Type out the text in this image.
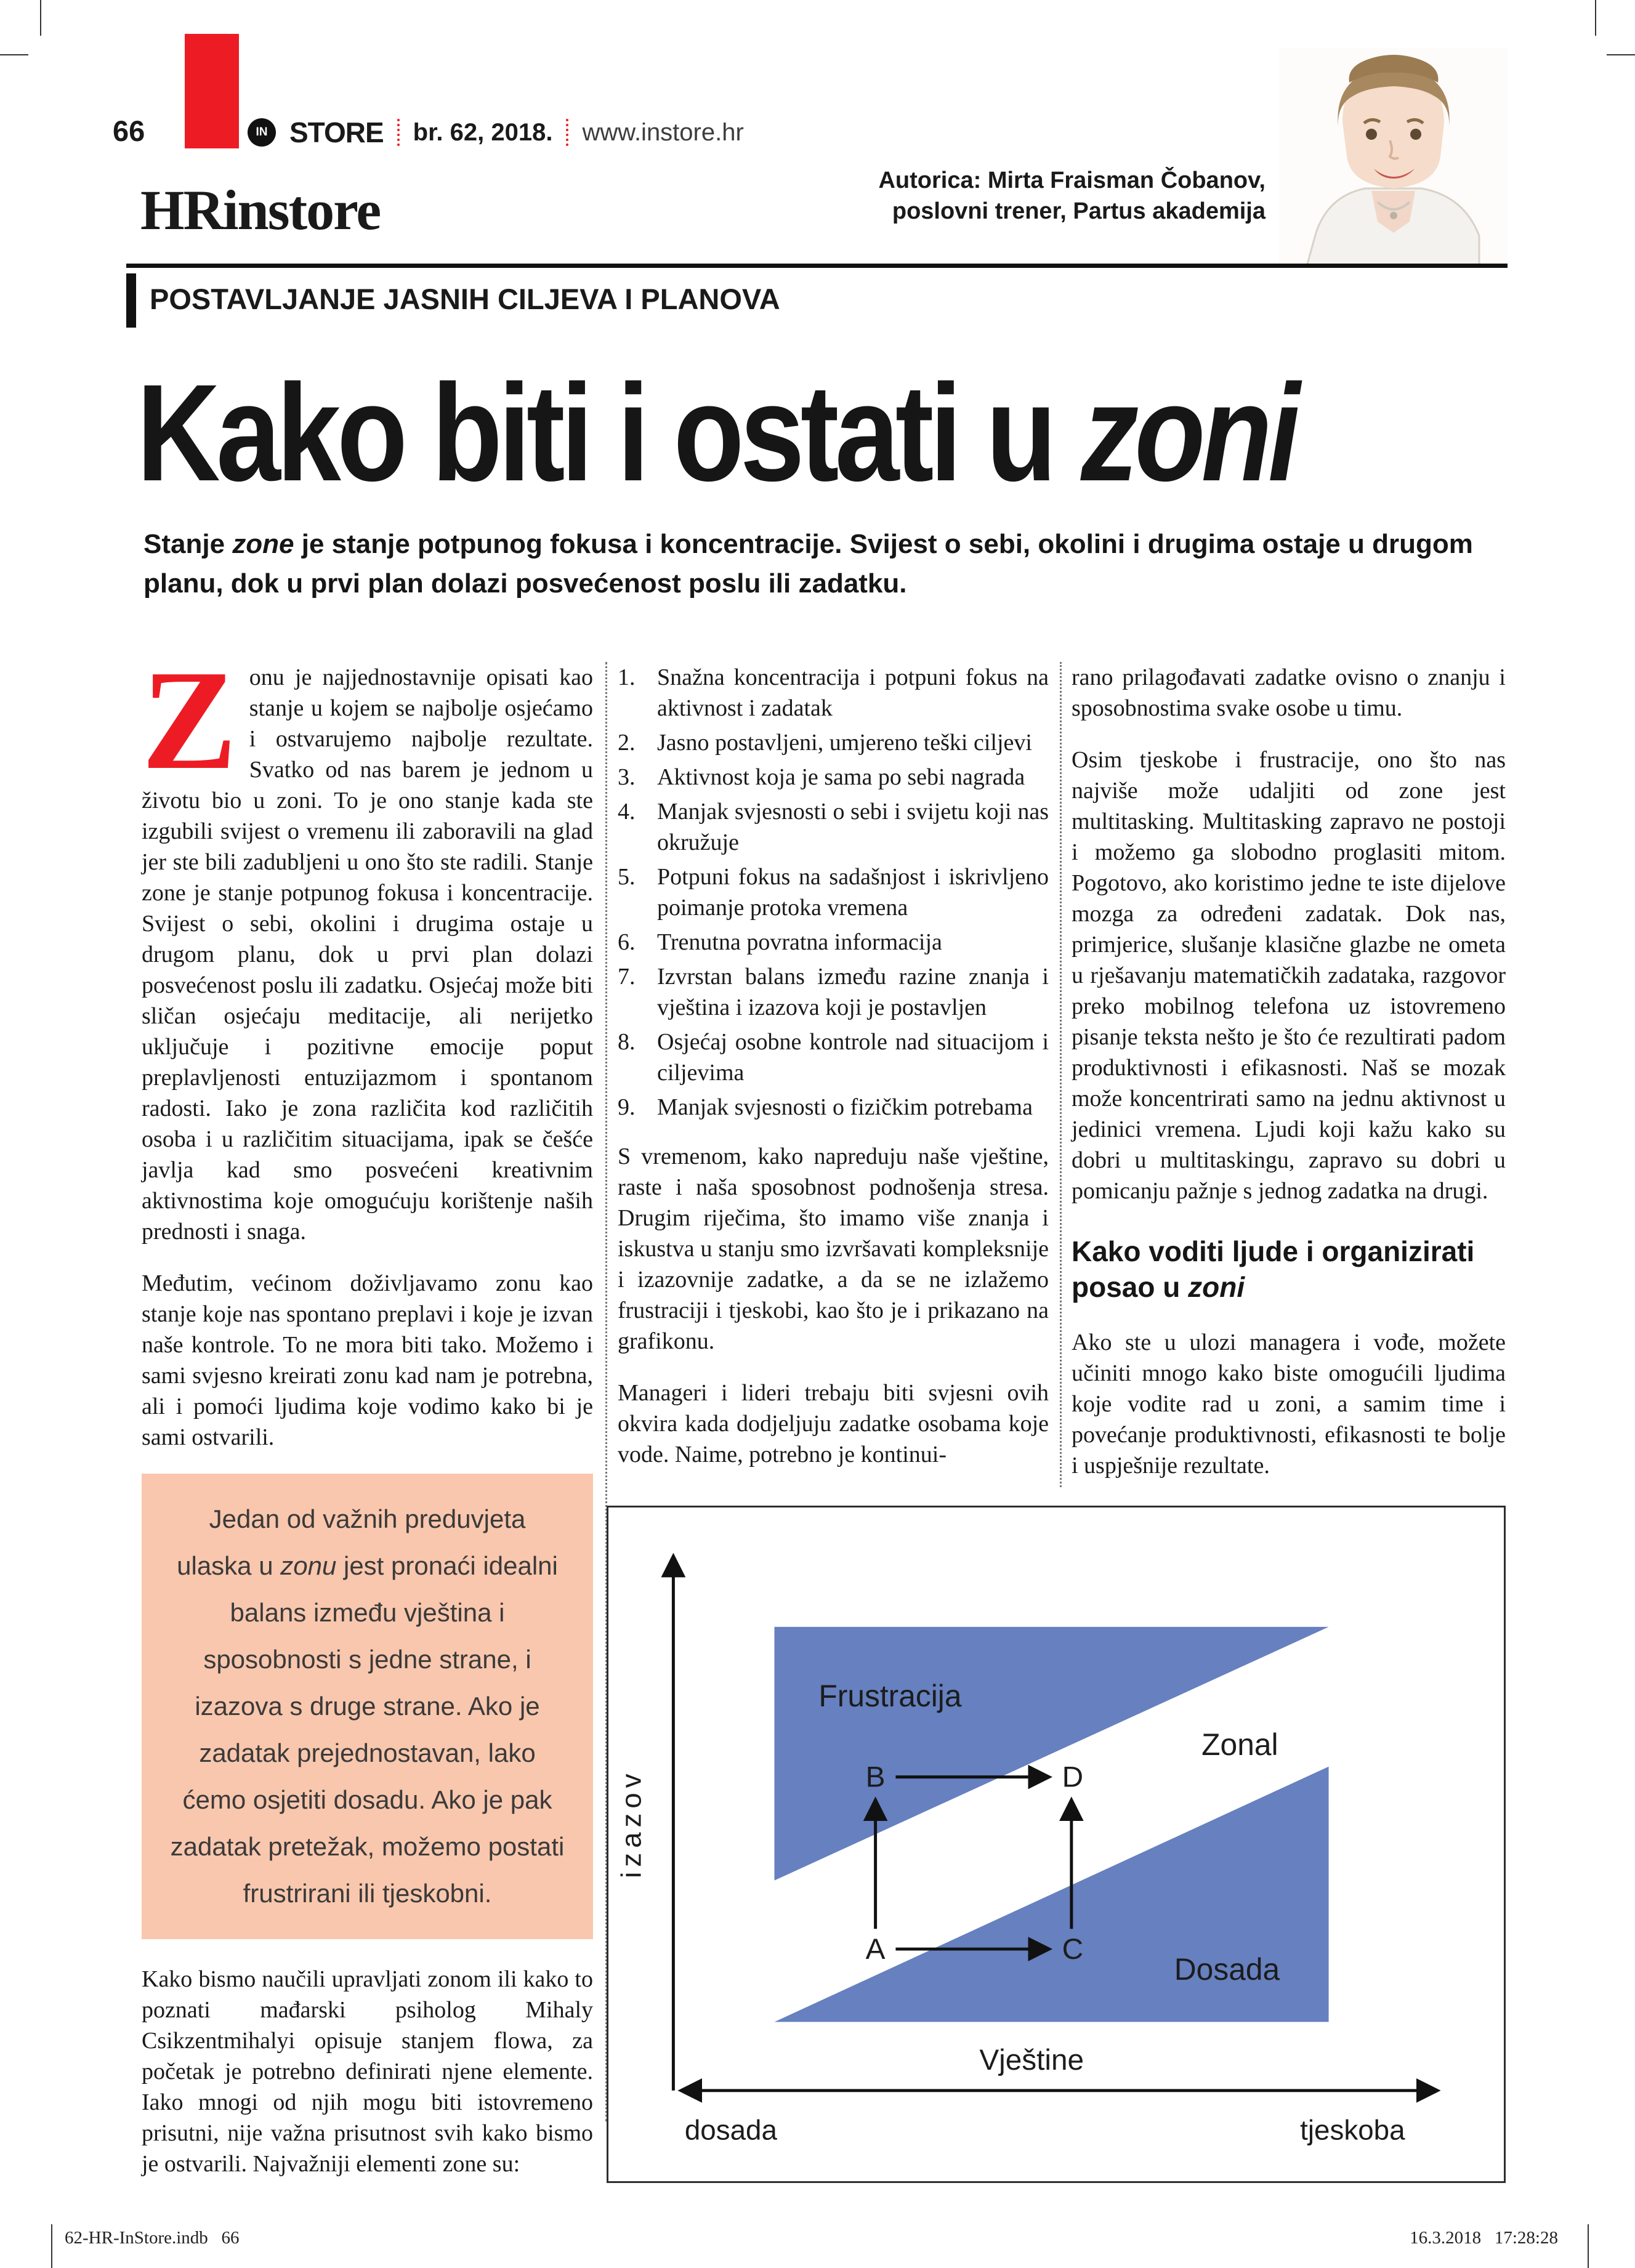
66	IN STORE br. 62, 2018. www.instore.hr
HRinstore	Autorica: Mirta Fraisman Čobanov,
poslovni trener, Partus akademija
POSTAVLJANJE JASNIH CILJEVA I PLANOVA
Kako biti i ostati u zoni
Stanje zone je stanje potpunog fokusa i koncentracije. Svijest o sebi, okolini i drugima ostaje u drugom planu, dok u prvi plan dolazi posvećenost poslu ili zadatku.

Zonu je najjednostavnije opisati kao stanje u kojem se najbolje osjećamo i ostvarujemo najbolje rezultate. Svatko od nas barem je jednom u životu bio u zoni. To je ono stanje kada ste izgubili svijest o vremenu ili zaboravili na glad jer ste bili zadubljeni u ono što ste radili. Stanje zone je stanje potpunog fokusa i koncentracije. Svijest o sebi, okolini i drugima ostaje u drugom planu, dok u prvi plan dolazi posvećenost poslu ili zadatku. Osjećaj može biti sličan osjećaju meditacije, ali nerijetko uključuje i pozitivne emocije poput preplavljenosti entuzijazmom i spontanom radosti. Iako je zona različita kod različitih osoba i u različitim situacijama, ipak se češće javlja kad smo posvećeni kreativnim aktivnostima koje omogućuju korištenje naših prednosti i snaga.

Međutim, većinom doživljavamo zonu kao stanje koje nas spontano preplavi i koje je izvan naše kontrole. To ne mora biti tako. Možemo i sami svjesno kreirati zonu kad nam je potrebna, ali i pomoći ljudima koje vodimo kako bi je sami ostvarili.

Jedan od važnih preduvjeta ulaska u zonu jest pronaći idealni balans između vještina i sposobnosti s jedne strane, i izazova s druge strane. Ako je zadatak prejednostavan, lako ćemo osjetiti dosadu. Ako je pak zadatak pretežak, možemo postati frustrirani ili tjeskobni.

Kako bismo naučili upravljati zonom ili kako to poznati mađarski psiholog Mihaly Csikzentmihalyi opisuje stanjem flowa, za početak je potrebno definirati njene elemente. Iako mnogi od njih mogu biti istovremeno prisutni, nije važna prisutnost svih kako bismo je ostvarili. Najvažniji elementi zone su:

1. Snažna koncentracija i potpuni fokus na aktivnost i zadatak
2. Jasno postavljeni, umjereno teški ciljevi
3. Aktivnost koja je sama po sebi nagrada
4. Manjak svjesnosti o sebi i svijetu koji nas okružuje
5. Potpuni fokus na sadašnjost i iskrivljeno poimanje protoka vremena
6. Trenutna povratna informacija
7. Izvrstan balans između razine znanja i vještina i izazova koji je postavljen
8. Osjećaj osobne kontrole nad situacijom i ciljevima
9. Manjak svjesnosti o fizičkim potrebama

S vremenom, kako napreduju naše vještine, raste i naša sposobnost podnošenja stresa. Drugim riječima, što imamo više znanja i iskustva u stanju smo izvršavati kompleksnije i izazovnije zadatke, a da se ne izlažemo frustraciji i tjeskobi, kao što je i prikazano na grafikonu.

Manageri i lideri trebaju biti svjesni ovih okvira kada dodjeljuju zadatke osobama koje vode. Naime, potrebno je kontinui-

rano prilagođavati zadatke ovisno o znanju i sposobnostima svake osobe u timu.

Osim tjeskobe i frustracije, ono što nas najviše može udaljiti od zone jest multitasking. Multitasking zapravo ne postoji i možemo ga slobodno proglasiti mitom. Pogotovo, ako koristimo jedne te iste dijelove mozga za određeni zadatak. Dok nas, primjerice, slušanje klasične glazbe ne ometa u rješavanju matematičkih zadataka, razgovor preko mobilnog telefona uz istovremeno pisanje teksta nešto je što će rezultirati padom produktivnosti i efikasnosti. Naš se mozak može koncentrirati samo na jednu aktivnost u jedinici vremena. Ljudi koji kažu kako su dobri u multitaskingu, zapravo su dobri u pomicanju pažnje s jednog zadatka na drugi.

Kako voditi ljude i organizirati posao u zoni

Ako ste u ulozi managera i vođe, možete učiniti mnogo kako biste omogućili ljudima koje vodite rad u zoni, a samim time i povećanje produktivnosti, efikasnosti te bolje i uspješnije rezultate.

B	D
A	C
Frustracija
Zonal
Dosada
izazov
Vještine
dosada	tjeskoba
62-HR-InStore.indb   66	16.3.2018   17:28:28
